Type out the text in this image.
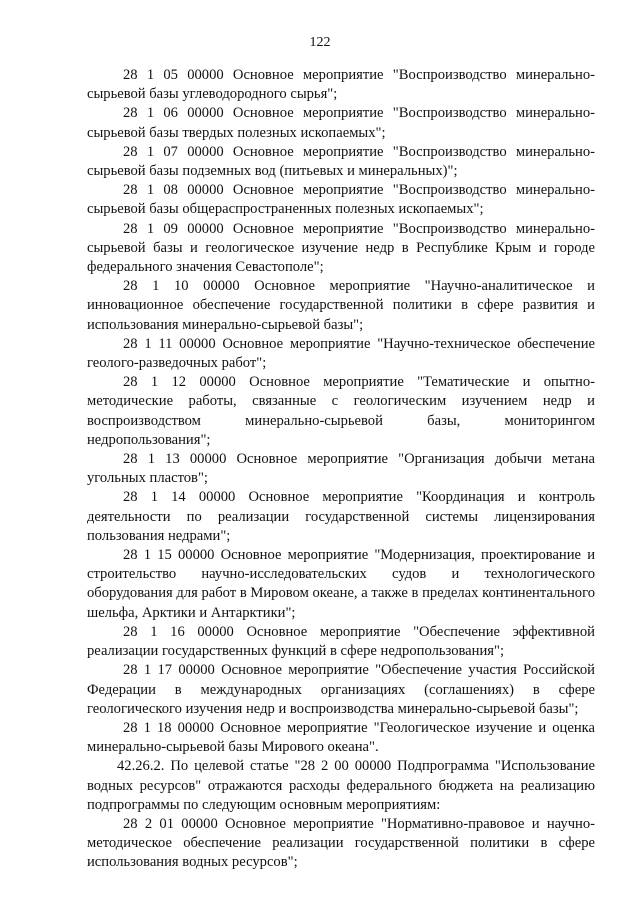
122

28 1 05 00000 Основное мероприятие "Воспроизводство минерально-сырьевой базы углеводородного сырья";

28 1 06 00000 Основное мероприятие "Воспроизводство минерально-сырьевой базы твердых полезных ископаемых";

28 1 07 00000 Основное мероприятие "Воспроизводство минерально-сырьевой базы подземных вод (питьевых и минеральных)";

28 1 08 00000 Основное мероприятие "Воспроизводство минерально-сырьевой базы общераспространенных полезных ископаемых";

28 1 09 00000 Основное мероприятие "Воспроизводство минерально-сырьевой базы и геологическое изучение недр в Республике Крым и городе федерального значения Севастополе";

28 1 10 00000 Основное мероприятие "Научно-аналитическое и инновационное обеспечение государственной политики в сфере развития и использования минерально-сырьевой базы";

28 1 11 00000 Основное мероприятие "Научно-техническое обеспечение геолого-разведочных работ";

28 1 12 00000 Основное мероприятие "Тематические и опытно-методические работы, связанные с геологическим изучением недр и воспроизводством минерально-сырьевой базы, мониторингом недропользования";

28 1 13 00000 Основное мероприятие "Организация добычи метана угольных пластов";

28 1 14 00000 Основное мероприятие "Координация и контроль деятельности по реализации государственной системы лицензирования пользования недрами";

28 1 15 00000 Основное мероприятие "Модернизация, проектирование и строительство научно-исследовательских судов и технологического оборудования для работ в Мировом океане, а также в пределах континентального шельфа, Арктики и Антарктики";

28 1 16 00000 Основное мероприятие "Обеспечение эффективной реализации государственных функций в сфере недропользования";

28 1 17 00000 Основное мероприятие "Обеспечение участия Российской Федерации в международных организациях (соглашениях) в сфере геологического изучения недр и воспроизводства минерально-сырьевой базы";

28 1 18 00000 Основное мероприятие "Геологическое изучение и оценка минерально-сырьевой базы Мирового океана".

42.26.2. По целевой статье "28 2 00 00000 Подпрограмма "Использование водных ресурсов" отражаются расходы федерального бюджета на реализацию подпрограммы по следующим основным мероприятиям:

28 2 01 00000 Основное мероприятие "Нормативно-правовое и научно-методическое обеспечение реализации государственной политики в сфере использования водных ресурсов";
